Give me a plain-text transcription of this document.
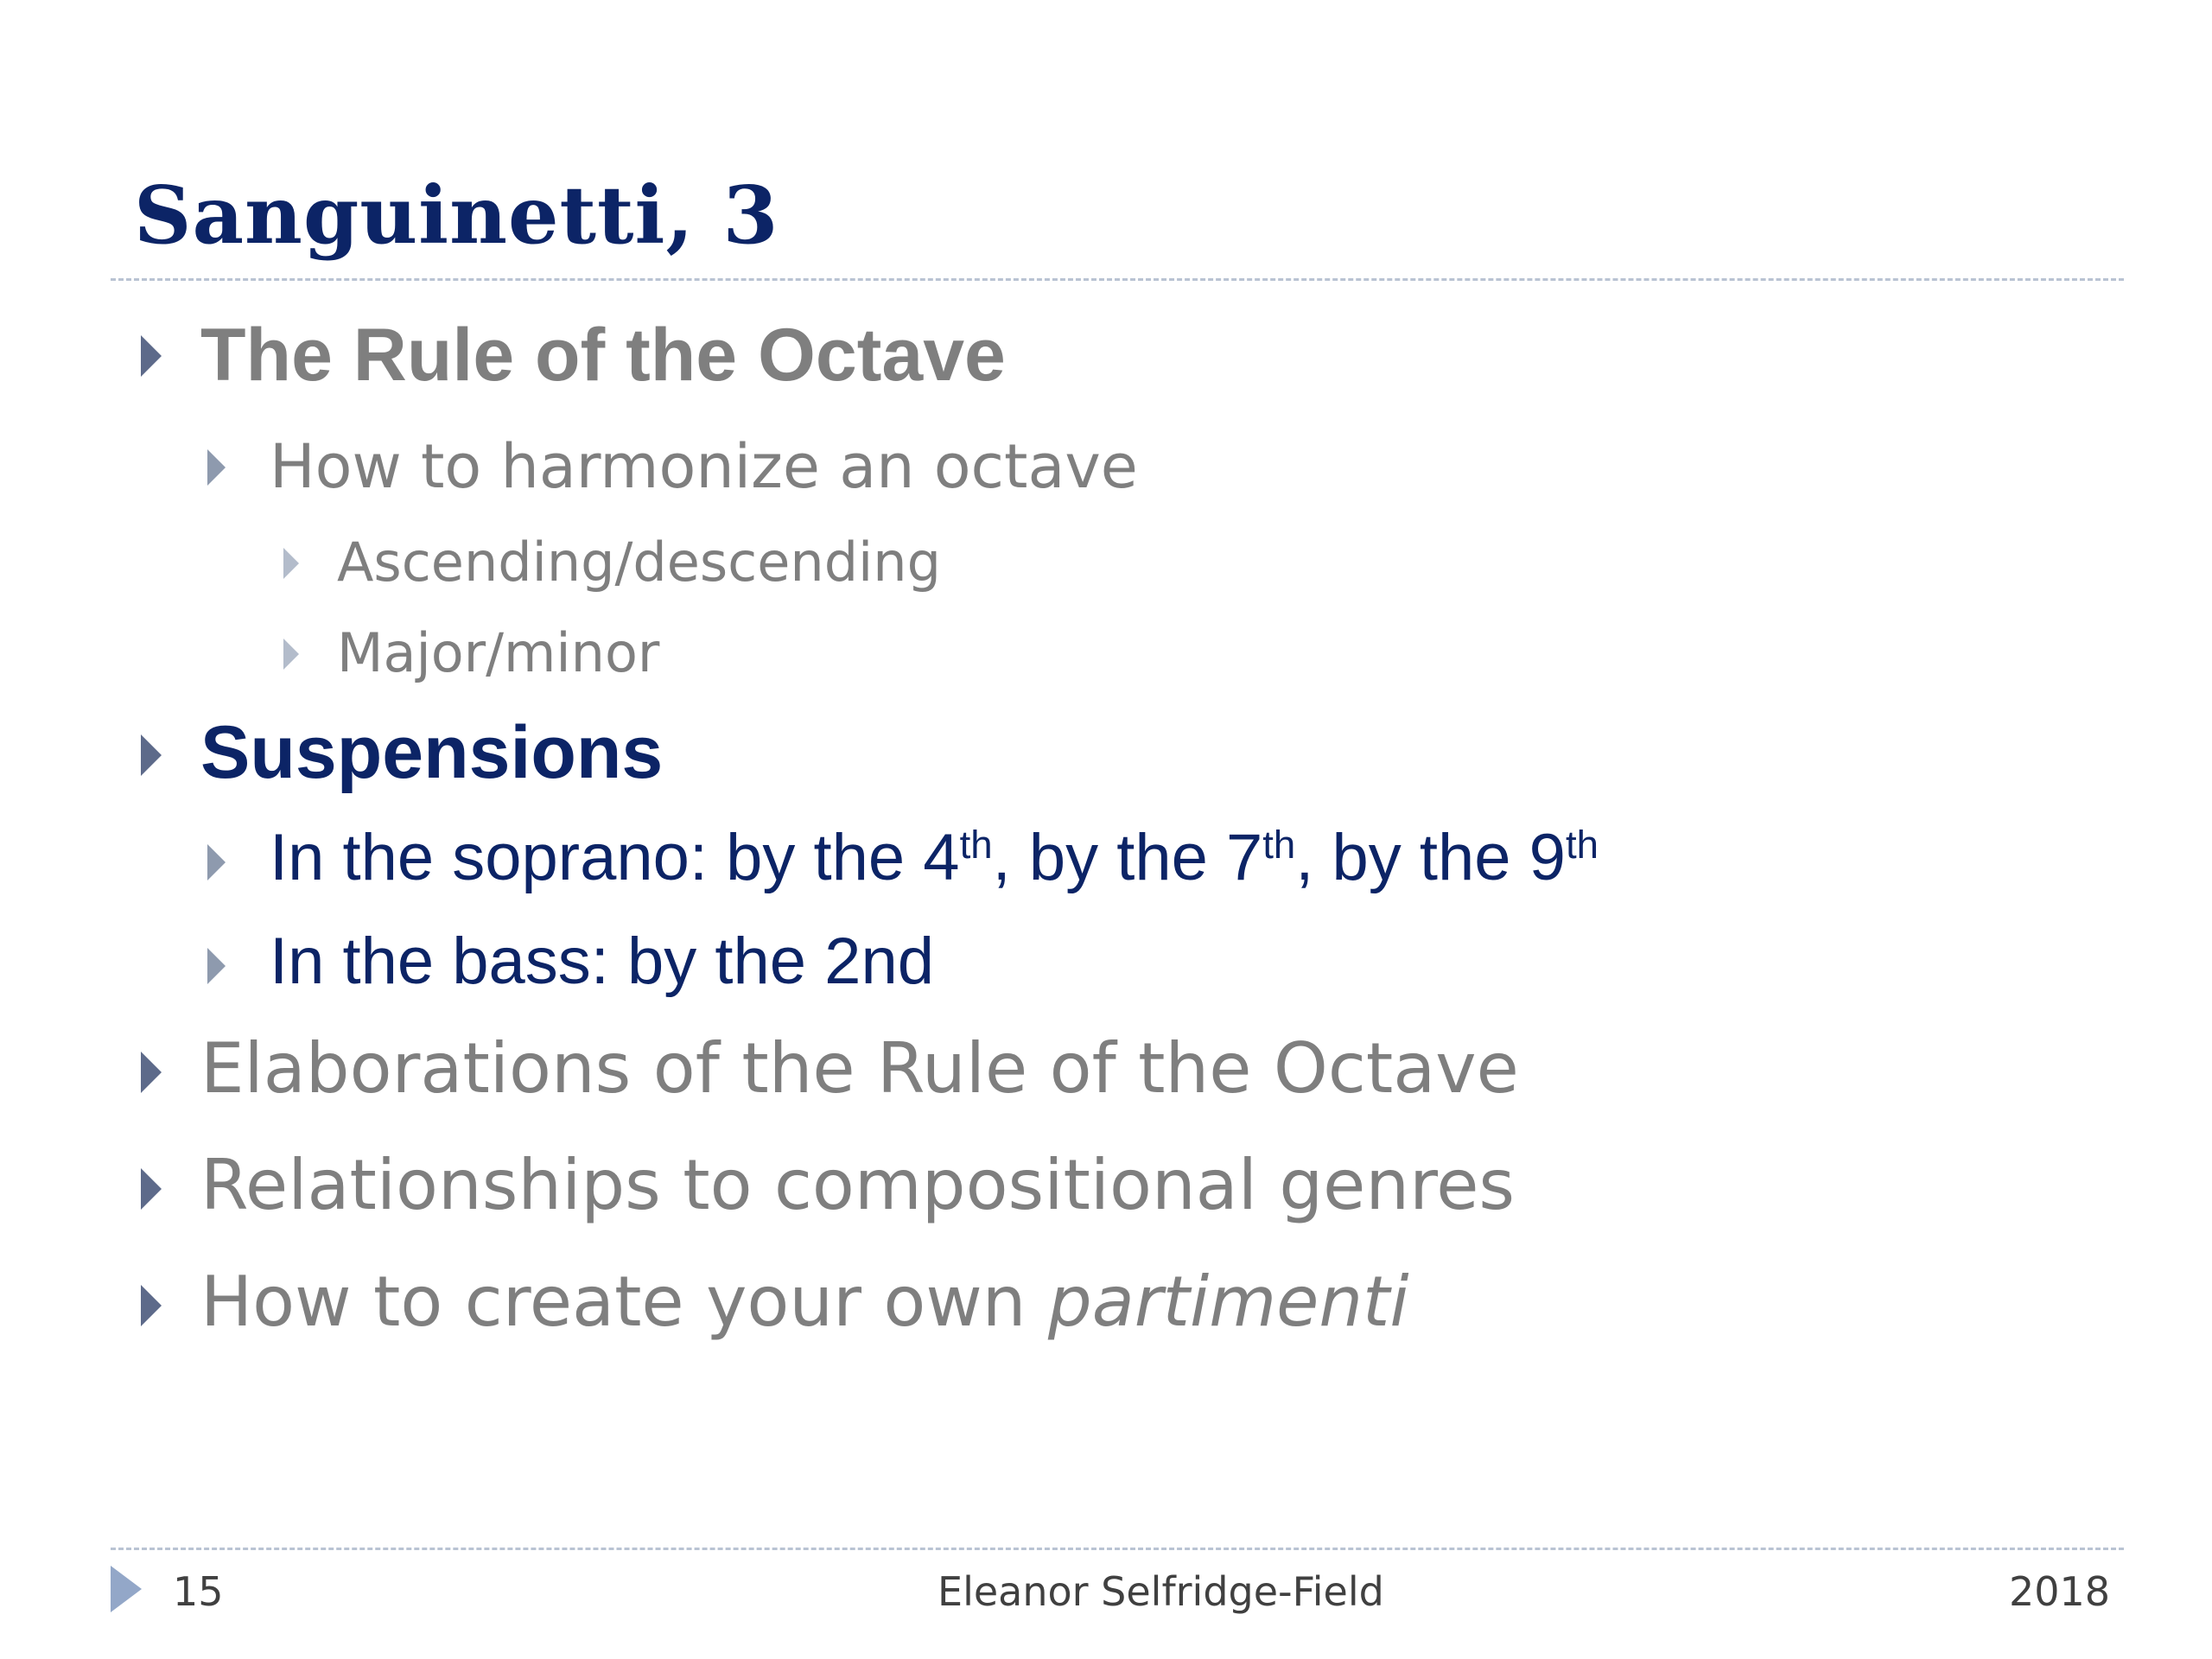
Sanguinetti, 3
The Rule of the Octave
How to harmonize an octave
Ascending/descending
Major/minor
Suspensions
In the soprano: by the 4th, by the 7th, by the 9th
In the bass: by the 2nd
Elaborations of the Rule of the Octave
Relationships to compositional genres
How to create your own partimenti
15	Eleanor Selfridge-Field	2018
